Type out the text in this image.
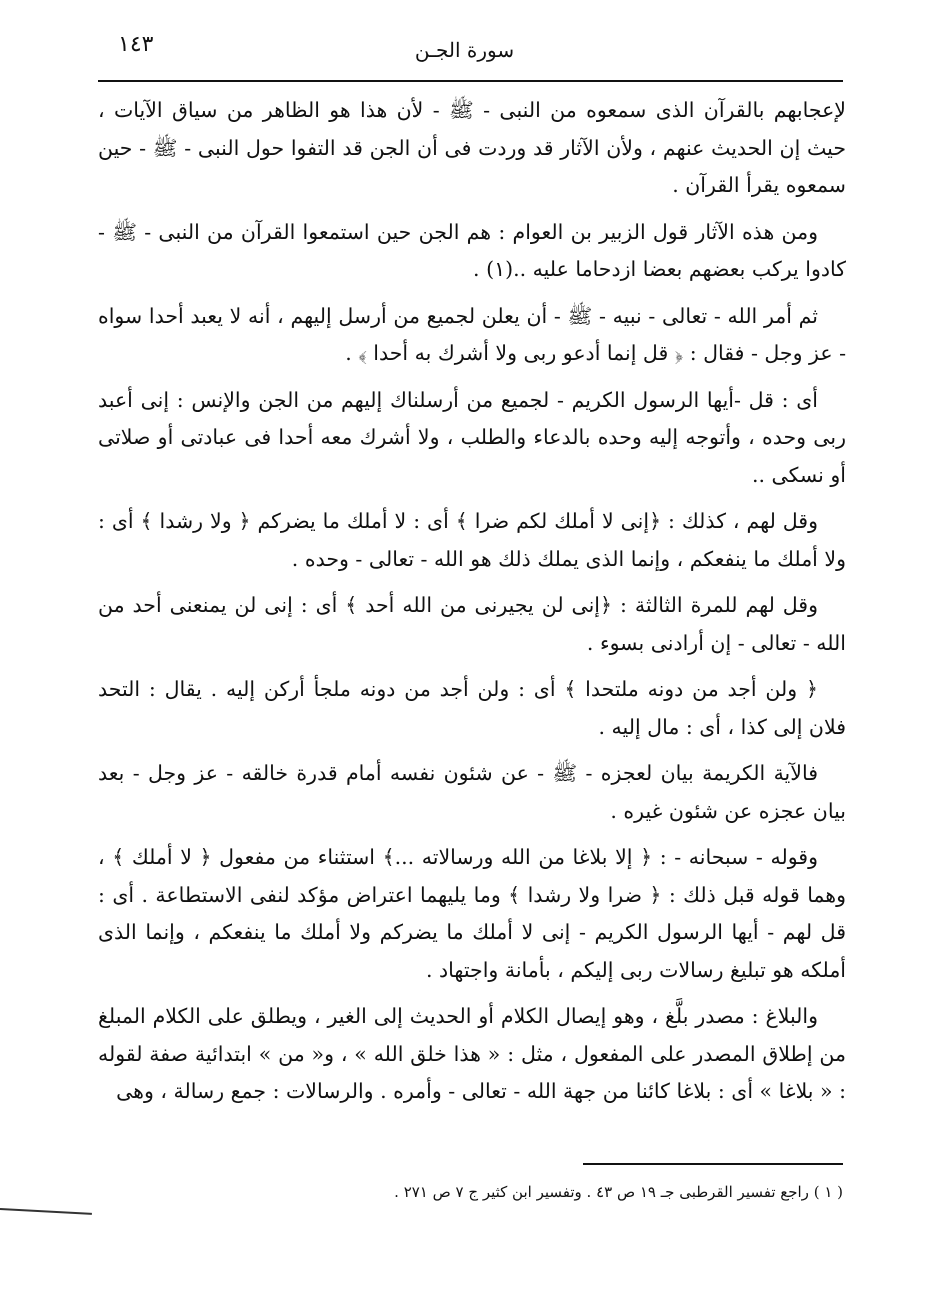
١٤٣	سورة الجـن

لإعجابهم بالقرآن الذى سمعوه من النبى - ﷺ - لأن هذا هو الظاهر من سياق الآيات ، حيث إن الحديث عنهم ، ولأن الآثار قد وردت فى أن الجن قد التفوا حول النبى - ﷺ - حين سمعوه يقرأ القرآن .

ومن هذه الآثار قول الزبير بن العوام : هم الجن حين استمعوا القرآن من النبى - ﷺ - كادوا يركب بعضهم بعضا ازدحاما عليه ..(١) .

ثم أمر الله - تعالى - نبيه - ﷺ - أن يعلن لجميع من أرسل إليهم ، أنه لا يعبد أحدا سواه - عز وجل - فقال : ﴿ قل إنما أدعو ربى ولا أشرك به أحدا ﴾ .

أى : قل -أيها الرسول الكريم - لجميع من أرسلناك إليهم من الجن والإنس : إنى أعبد ربى وحده ، وأتوجه إليه وحده بالدعاء والطلب ، ولا أشرك معه أحدا فى عبادتى أو صلاتى أو نسكى ..

وقل لهم ، كذلك : ﴿إنى لا أملك لكم ضرا ﴾ أى : لا أملك ما يضركم ﴿ ولا رشدا ﴾ أى : ولا أملك ما ينفعكم ، وإنما الذى يملك ذلك هو الله - تعالى - وحده .

وقل لهم للمرة الثالثة : ﴿إنى لن يجيرنى من الله أحد ﴾ أى : إنى لن يمنعنى أحد من الله - تعالى - إن أرادنى بسوء .

﴿ ولن أجد من دونه ملتحدا ﴾ أى : ولن أجد من دونه ملجأ أركن إليه . يقال : التحد فلان إلى كذا ، أى : مال إليه .

فالآية الكريمة بيان لعجزه - ﷺ - عن شئون نفسه أمام قدرة خالقه - عز وجل - بعد بيان عجزه عن شئون غيره .

وقوله - سبحانه - : ﴿ إلا بلاغا من الله ورسالاته ...﴾ استثناء من مفعول ﴿ لا أملك ﴾ ، وهما قوله قبل ذلك : ﴿ ضرا ولا رشدا ﴾ وما يليهما اعتراض مؤكد لنفى الاستطاعة . أى : قل لهم - أيها الرسول الكريم - إنى لا أملك ما يضركم ولا أملك ما ينفعكم ، وإنما الذى أملكه هو تبليغ رسالات ربى إليكم ، بأمانة واجتهاد .

والبلاغ : مصدر بلَّغ ، وهو إيصال الكلام أو الحديث إلى الغير ، ويطلق على الكلام المبلغ من إطلاق المصدر على المفعول ، مثل : « هذا خلق الله » ، و« من » ابتدائية صفة لقوله : « بلاغا » أى : بلاغا كائنا من جهة الله - تعالى - وأمره . والرسالات : جمع رسالة ، وهى

( ١ ) راجع تفسير القرطبى جـ ١٩ ص ٤٣ . وتفسير ابن كثير ج ٧ ص ٢٧١ .
